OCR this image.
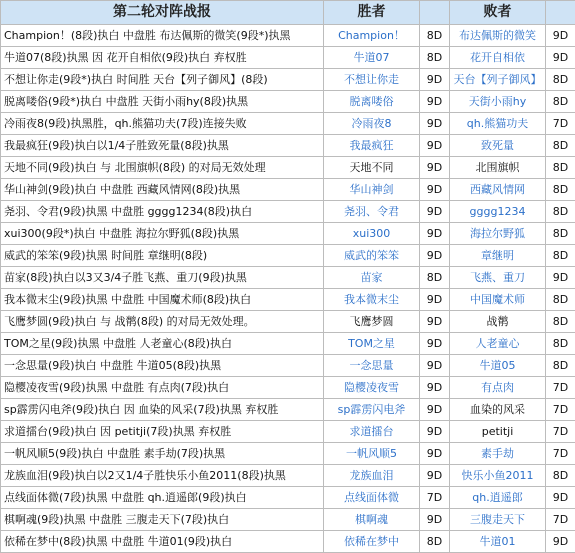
第二轮对阵战报	胜者		败者	
Champion！(8段)执白 中盘胜 布达佩斯的微笑(9段*)执黑	Champion！	8D	布达佩斯的微笑	9D
牛道07(8段)执黑 因 花开自相依(9段)执白 弃权胜	牛道07	8D	花开自相依	9D
不想让你走(9段*)执白 时间胜 天台【列子御风】(8段)	不想让你走	9D	天台【列子御风】	8D
脱离喽俗(9段*)执白 中盘胜 天街小雨hy(8段)执黑	脱离喽俗	9D	天街小雨hy	8D
冷雨夜8(9段)执黑胜，qh.熊猫功夫(7段)连接失败	冷雨夜8	9D	qh.熊猫功夫	7D
我最疯狂(9段)执白以1/4子胜致死量(8段)执黑	我最疯狂	9D	致死量	8D
天地不同(9段)执白 与 北围旗帜(8段) 的对局无效处理	天地不同	9D	北围旗帜	8D
华山神剑(9段)执白 中盘胜 西藏风情网(8段)执黑	华山神剑	9D	西藏风情网	8D
尧羽、令君(9段)执黑 中盘胜 gggg1234(8段)执白	尧羽、令君	9D	gggg1234	8D
xui300(9段*)执白 中盘胜 海拉尔野狐(8段)执黑	xui300	9D	海拉尔野狐	8D
威武的笨笨(9段)执黑 时间胜 章继明(8段)	威武的笨笨	9D	章继明	8D
苗家(8段)执白以3又3/4子胜飞燕、重刀(9段)执黑	苗家	8D	飞燕、重刀	9D
我本微末尘(9段)执黑 中盘胜 中国魔术师(8段)执白	我本微末尘	9D	中国魔术师	8D
飞鹰梦圆(9段)执白 与 战鹡(8段) 的对局无效处理。	飞鹰梦圆	9D	战鹡	8D
TOM之星(9段)执黑 中盘胜 人老童心(8段)执白	TOM之星	9D	人老童心	8D
一念思量(9段)执白 中盘胜 牛道05(8段)执黑	一念思量	9D	牛道05	8D
隐樱凌夜雪(9段)执黑 中盘胜 有点肉(7段)执白	隐樱凌夜雪	9D	有点肉	7D
sp霹雳闪电斧(9段)执白 因 血染的风采(7段)执黑 弃权胜	sp霹雳闪电斧	9D	血染的风采	7D
求道擂台(9段)执白 因 petitji(7段)执黑 弃权胜	求道擂台	9D	petitji	7D
一帆风顺5(9段)执白 中盘胜 素手劫(7段)执黑	一帆风顺5	9D	素手劫	7D
龙族血泪(9段)执白以2又1/4子胜快乐小鱼2011(8段)执黑	龙族血泪	9D	快乐小鱼2011	8D
点线面体微(7段)执黑 中盘胜 qh.逍遥郎(9段)执白	点线面体微	7D	qh.逍遥郎	9D
棋啊魂(9段)执黑 中盘胜 三腹走天下(7段)执白	棋啊魂	9D	三腹走天下	7D
依稀在梦中(8段)执黑 中盘胜 牛道01(9段)执白	依稀在梦中	8D	牛道01	9D
